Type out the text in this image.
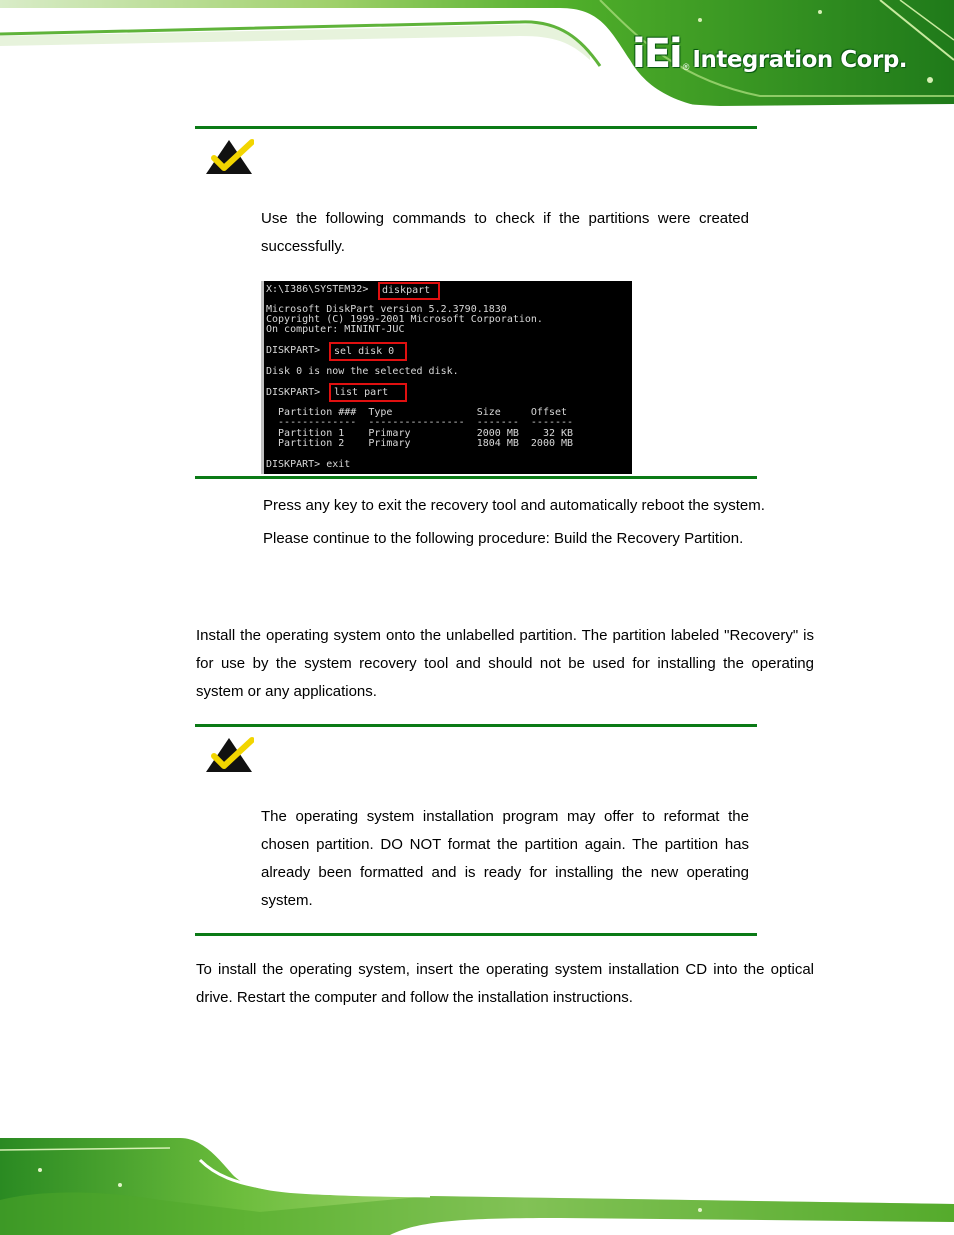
iEi ® Integration Corp.

Use the following commands to check if the partitions were created successfully.

X:\I386\SYSTEM32>
Microsoft DiskPart version 5.2.3790.1830
Copyright (C) 1999-2001 Microsoft Corporation.
On computer: MININT-JUC
DISKPART>
Disk 0 is now the selected disk.
DISKPART>
Partition ###  Type              Size     Offset
-------------  ----------------  -------  -------
Partition 1    Primary           2000 MB    32 KB
Partition 2    Primary           1804 MB  2000 MB
DISKPART> exit
diskpart
sel disk 0
list part

Press any key to exit the recovery tool and automatically reboot the system.

Please continue to the following procedure: Build the Recovery Partition.

Install the operating system onto the unlabelled partition. The partition labeled "Recovery" is for use by the system recovery tool and should not be used for installing the operating system or any applications.

The operating system installation program may offer to reformat the chosen partition. DO NOT format the partition again. The partition has already been formatted and is ready for installing the new operating system.

To install the operating system, insert the operating system installation CD into the optical drive. Restart the computer and follow the installation instructions.
